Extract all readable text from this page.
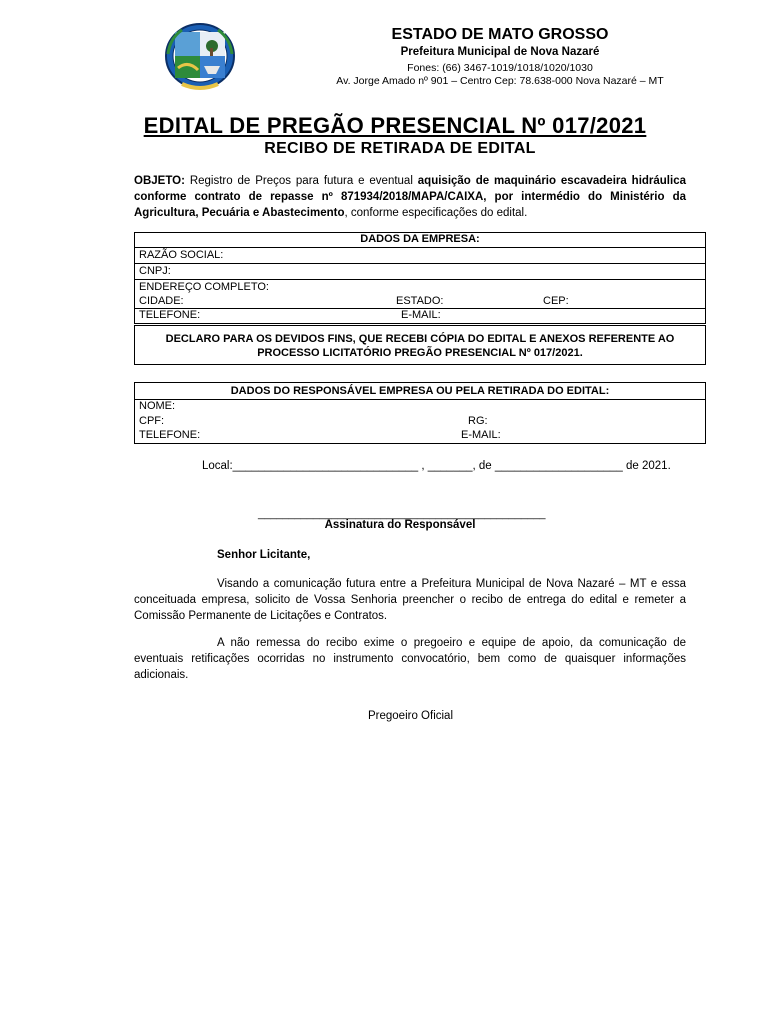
ESTADO DE MATO GROSSO
Prefeitura Municipal de Nova Nazaré
Fones: (66) 3467-1019/1018/1020/1030
Av. Jorge Amado nº 901 – Centro Cep: 78.638-000 Nova Nazaré – MT
EDITAL DE PREGÃO PRESENCIAL Nº 017/2021
RECIBO DE RETIRADA DE EDITAL
OBJETO: Registro de Preços para futura e eventual aquisição de maquinário escavadeira hidráulica conforme contrato de repasse nº 871934/2018/MAPA/CAIXA, por intermédio do Ministério da Agricultura, Pecuária e Abastecimento, conforme especificações do edital.
DADOS DA EMPRESA:
RAZÃO SOCIAL:
CNPJ:
ENDEREÇO COMPLETO:
CIDADE:	ESTADO:	CEP:
TELEFONE:	E-MAIL:
DECLARO PARA OS DEVIDOS FINS, QUE RECEBI CÓPIA DO EDITAL E ANEXOS REFERENTE AO PROCESSO LICITATÓRIO PREGÃO PRESENCIAL Nº 017/2021.
DADOS DO RESPONSÁVEL EMPRESA OU PELA RETIRADA DO EDITAL:
NOME:
CPF:	RG:
TELEFONE:	E-MAIL:
Local:_____________________________ , _______, de ____________________ de 2021.
_______________________________________________
Assinatura do Responsável
Senhor Licitante,
Visando a comunicação futura entre a Prefeitura Municipal de Nova Nazaré – MT e essa conceituada empresa, solicito de Vossa Senhoria preencher o recibo de entrega do edital e remeter a Comissão Permanente de Licitações e Contratos.
A não remessa do recibo exime o pregoeiro e equipe de apoio, da comunicação de eventuais retificações ocorridas no instrumento convocatório, bem como de quaisquer informações adicionais.
Pregoeiro Oficial
